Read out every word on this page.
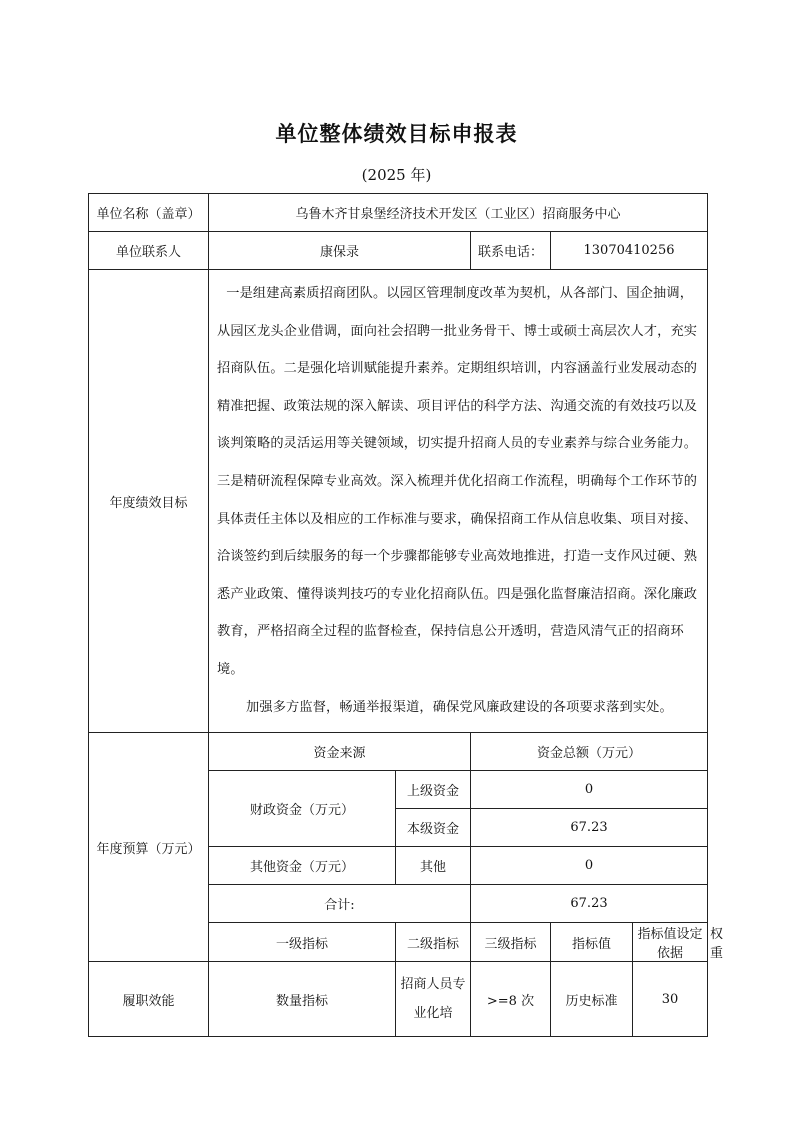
单位整体绩效目标申报表
(2025 年)
单位名称（盖章）	乌鲁木齐甘泉堡经济技术开发区（工业区）招商服务中心					
单位联系人	康保录		联系电话：	13070410256		
年度绩效目标	一是组建高素质招商团队。以园区管理制度改革为契机，从各部门、国企抽调，从园区龙头企业借调，面向社会招聘一批业务骨干、博士或硕士高层次人才，充实招商队伍。二是强化培训赋能提升素养。定期组织培训，内容涵盖行业发展动态的精准把握、政策法规的深入解读、项目评估的科学方法、沟通交流的有效技巧以及谈判策略的灵活运用等关键领域，切实提升招商人员的专业素养与综合业务能力。三是精研流程保障专业高效。深入梳理并优化招商工作流程，明确每个工作环节的具体责任主体以及相应的工作标准与要求，确保招商工作从信息收集、项目对接、洽谈签约到后续服务的每一个步骤都能够专业高效地推进，打造一支作风过硬、熟悉产业政策、懂得谈判技巧的专业化招商队伍。四是强化监督廉洁招商。深化廉政教育，严格招商全过程的监督检查，保持信息公开透明，营造风清气正的招商环境。
加强多方监督，畅通举报渠道，确保党风廉政建设的各项要求落到实处。					

年度预算（万元）	资金来源		资金总额（万元）			
	财政资金（万元）	上级资金	0			
		本级资金	67.23			
	其他资金（万元）	其他	0			
	合计:		67.23			
	一级指标	二级指标	三级指标	指标值	指标值设定依据	权重
履职效能	数量指标	招商人员专业化培	>=8 次	历史标准	30	
